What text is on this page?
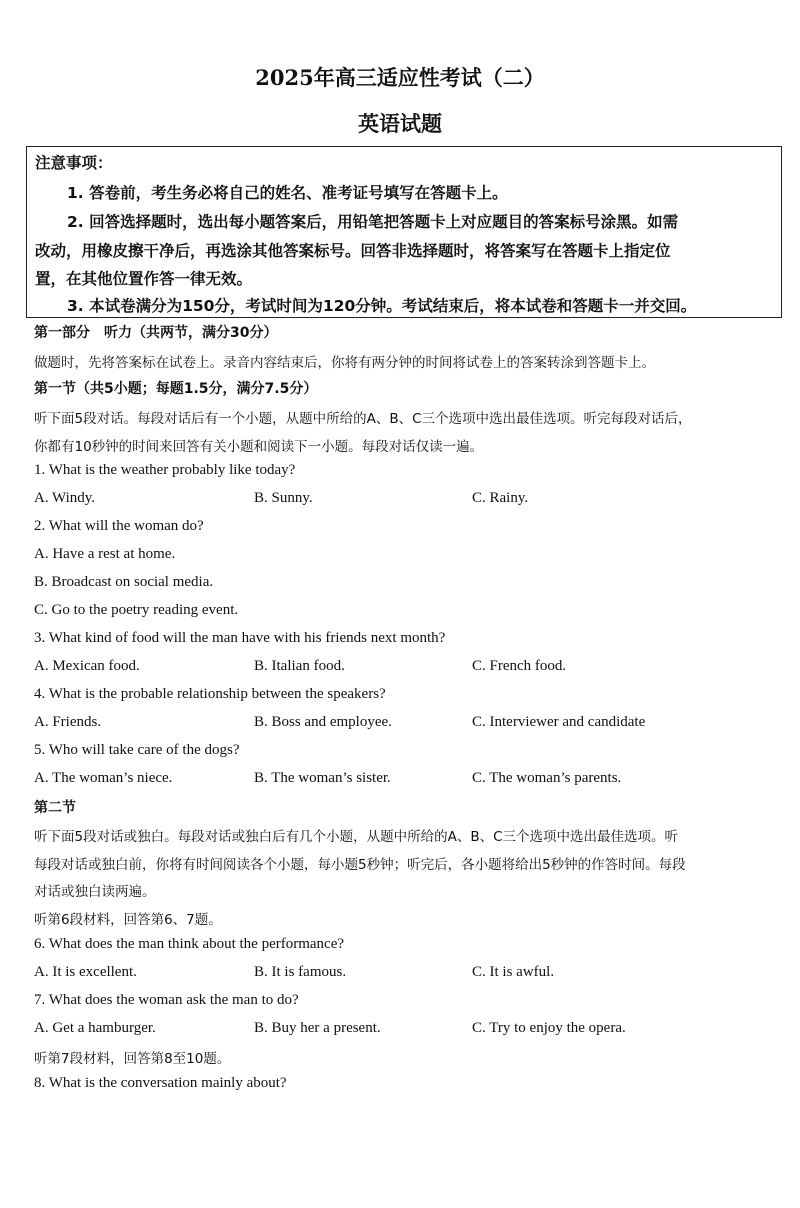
2025年高三适应性考试（二）
英语试题
注意事项：
1. 答卷前，考生务必将自己的姓名、准考证号填写在答题卡上。
2. 回答选择题时，选出每小题答案后，用铅笔把答题卡上对应题目的答案标号涂黑。如需
改动，用橡皮擦干净后，再选涂其他答案标号。回答非选择题时，将答案写在答题卡上指定位
置，在其他位置作答一律无效。
3. 本试卷满分为150分，考试时间为120分钟。考试结束后，将本试卷和答题卡一并交回。
第一部分　听力（共两节，满分30分）
做题时，先将答案标在试卷上。录音内容结束后，你将有两分钟的时间将试卷上的答案转涂到答题卡上。
第一节（共5小题；每题1.5分，满分7.5分）
听下面5段对话。每段对话后有一个小题，从题中所给的A、B、C三个选项中选出最佳选项。听完每段对话后，
你都有10秒钟的时间来回答有关小题和阅读下一小题。每段对话仅读一遍。
1. What is the weather probably like today?
A. Windy.	B. Sunny.	C. Rainy.
2. What will the woman do?
A. Have a rest at home.
B. Broadcast on social media.
C. Go to the poetry reading event.
3. What kind of food will the man have with his friends next month?
A. Mexican food.	B. Italian food.	C. French food.
4. What is the probable relationship between the speakers?
A. Friends.	B. Boss and employee.	C. Interviewer and candidate
5. Who will take care of the dogs?
A. The woman’s niece.	B. The woman’s sister.	C. The woman’s parents.
第二节
听下面5段对话或独白。每段对话或独白后有几个小题，从题中所给的A、B、C三个选项中选出最佳选项。听
每段对话或独白前，你将有时间阅读各个小题，每小题5秒钟；听完后，各小题将给出5秒钟的作答时间。每段
对话或独白读两遍。
听第6段材料，回答第6、7题。
6. What does the man think about the performance?
A. It is excellent.	B. It is famous.	C. It is awful.
7. What does the woman ask the man to do?
A. Get a hamburger.	B. Buy her a present.	C. Try to enjoy the opera.
听第7段材料，回答第8至10题。
8. What is the conversation mainly about?
